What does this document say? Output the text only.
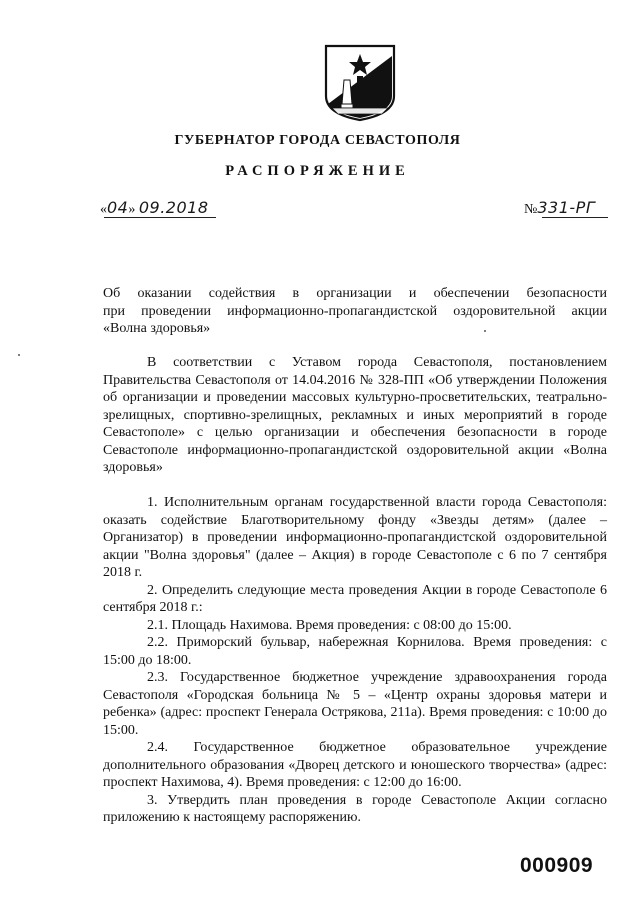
ГУБЕРНАТОР ГОРОДА СЕВАСТОПОЛЯ
РАСПОРЯЖЕНИЕ
«04» 09.2018	№331-РГ
Об оказании содействия в организации и обеспечении безопасности
при проведении информационно-пропагандистской оздоровительной акции
«Волна здоровья»
В соответствии с Уставом города Севастополя, постановлением Правительства Севастополя от 14.04.2016 № 328-ПП «Об утверждении Положения об организации и проведении массовых культурно-просветительских, театрально-зрелищных, спортивно-зрелищных, рекламных и иных мероприятий в городе Севастополе» с целью организации и обеспечения безопасности в городе Севастополе информационно-пропагандистской оздоровительной акции «Волна здоровья»

1. Исполнительным органам государственной власти города Севастополя: оказать содействие Благотворительному фонду «Звезды детям» (далее – Организатор) в проведении информационно-пропагандистской оздоровительной акции "Волна здоровья" (далее – Акция) в городе Севастополе с 6 по 7 сентября 2018 г.

2. Определить следующие места проведения Акции в городе Севастополе 6 сентября 2018 г.:

2.1. Площадь Нахимова. Время проведения: с 08:00 до 15:00.

2.2. Приморский бульвар, набережная Корнилова. Время проведения: с 15:00 до 18:00.

2.3. Государственное бюджетное учреждение здравоохранения города Севастополя «Городская больница № 5 – «Центр охраны здоровья матери и ребенка» (адрес: проспект Генерала Острякова, 211а). Время проведения: с 10:00 до 15:00.

2.4. Государственное бюджетное образовательное учреждение дополнительного образования «Дворец детского и юношеского творчества» (адрес: проспект Нахимова, 4). Время проведения: с 12:00 до 16:00.

3. Утвердить план проведения в городе Севастополе Акции согласно приложению к настоящему распоряжению.

000909
